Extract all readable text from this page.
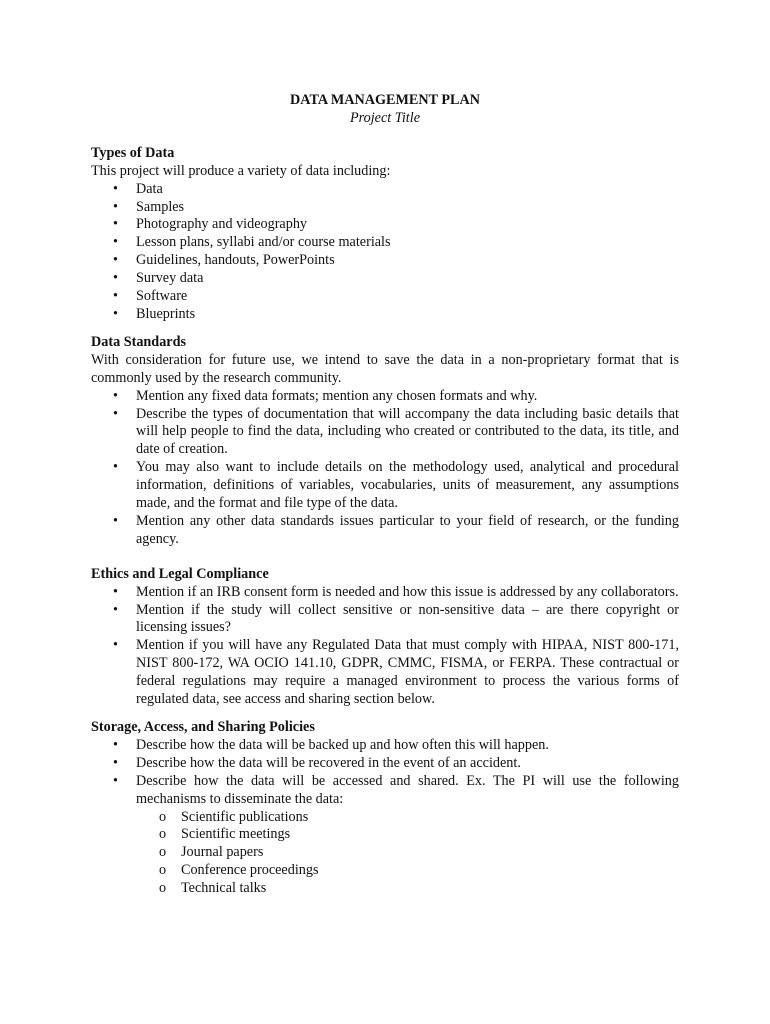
DATA MANAGEMENT PLAN
Project Title
Types of Data

This project will produce a variety of data including:

• Data
• Samples
• Photography and videography
• Lesson plans, syllabi and/or course materials
• Guidelines, handouts, PowerPoints
• Survey data
• Software
• Blueprints
Data Standards

With consideration for future use, we intend to save the data in a non-proprietary format that is commonly used by the research community.

• Mention any fixed data formats; mention any chosen formats and why.
• Describe the types of documentation that will accompany the data including basic details that will help people to find the data, including who created or contributed to the data, its title, and date of creation.
• You may also want to include details on the methodology used, analytical and procedural information, definitions of variables, vocabularies, units of measurement, any assumptions made, and the format and file type of the data.
• Mention any other data standards issues particular to your field of research, or the funding agency.
Ethics and Legal Compliance
• Mention if an IRB consent form is needed and how this issue is addressed by any collaborators.
• Mention if the study will collect sensitive or non-sensitive data – are there copyright or licensing issues?
• Mention if you will have any Regulated Data that must comply with HIPAA, NIST 800-171, NIST 800-172, WA OCIO 141.10, GDPR, CMMC, FISMA, or FERPA. These contractual or federal regulations may require a managed environment to process the various forms of regulated data, see access and sharing section below.
Storage, Access, and Sharing Policies
• Describe how the data will be backed up and how often this will happen.
• Describe how the data will be recovered in the event of an accident.
• Describe how the data will be accessed and shared. Ex. The PI will use the following mechanisms to disseminate the data:
o Scientific publications
o Scientific meetings
o Journal papers
o Conference proceedings
o Technical talks
